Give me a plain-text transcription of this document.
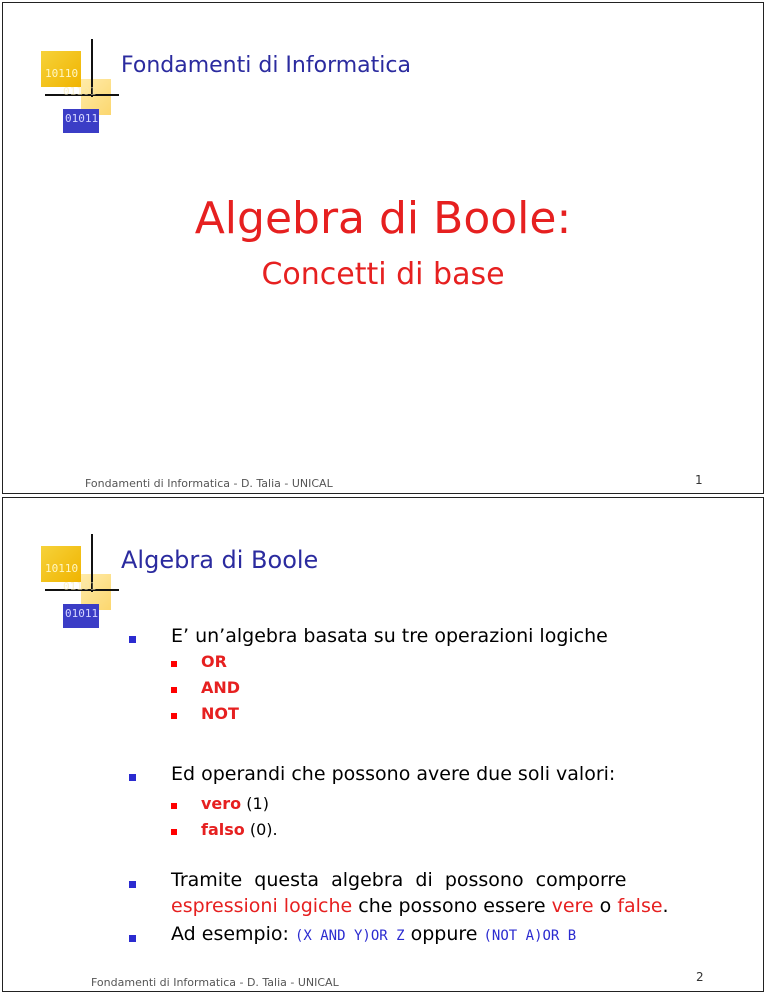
10110
01101
01011
Fondamenti di Informatica
Algebra di Boole:
Concetti di base
Fondamenti di Informatica - D. Talia - UNICAL	1
10110
01101
01011
Algebra di Boole
E’ un’algebra basata su tre operazioni logiche
OR
AND
NOT
Ed operandi che possono avere due soli valori:
vero (1)
falso (0).
Tramite  questa  algebra  di  possono  comporre
espressioni logiche che possono essere vere o false.
Ad esempio: (X AND Y)OR Z oppure (NOT A)OR B
Fondamenti di Informatica - D. Talia - UNICAL	2
